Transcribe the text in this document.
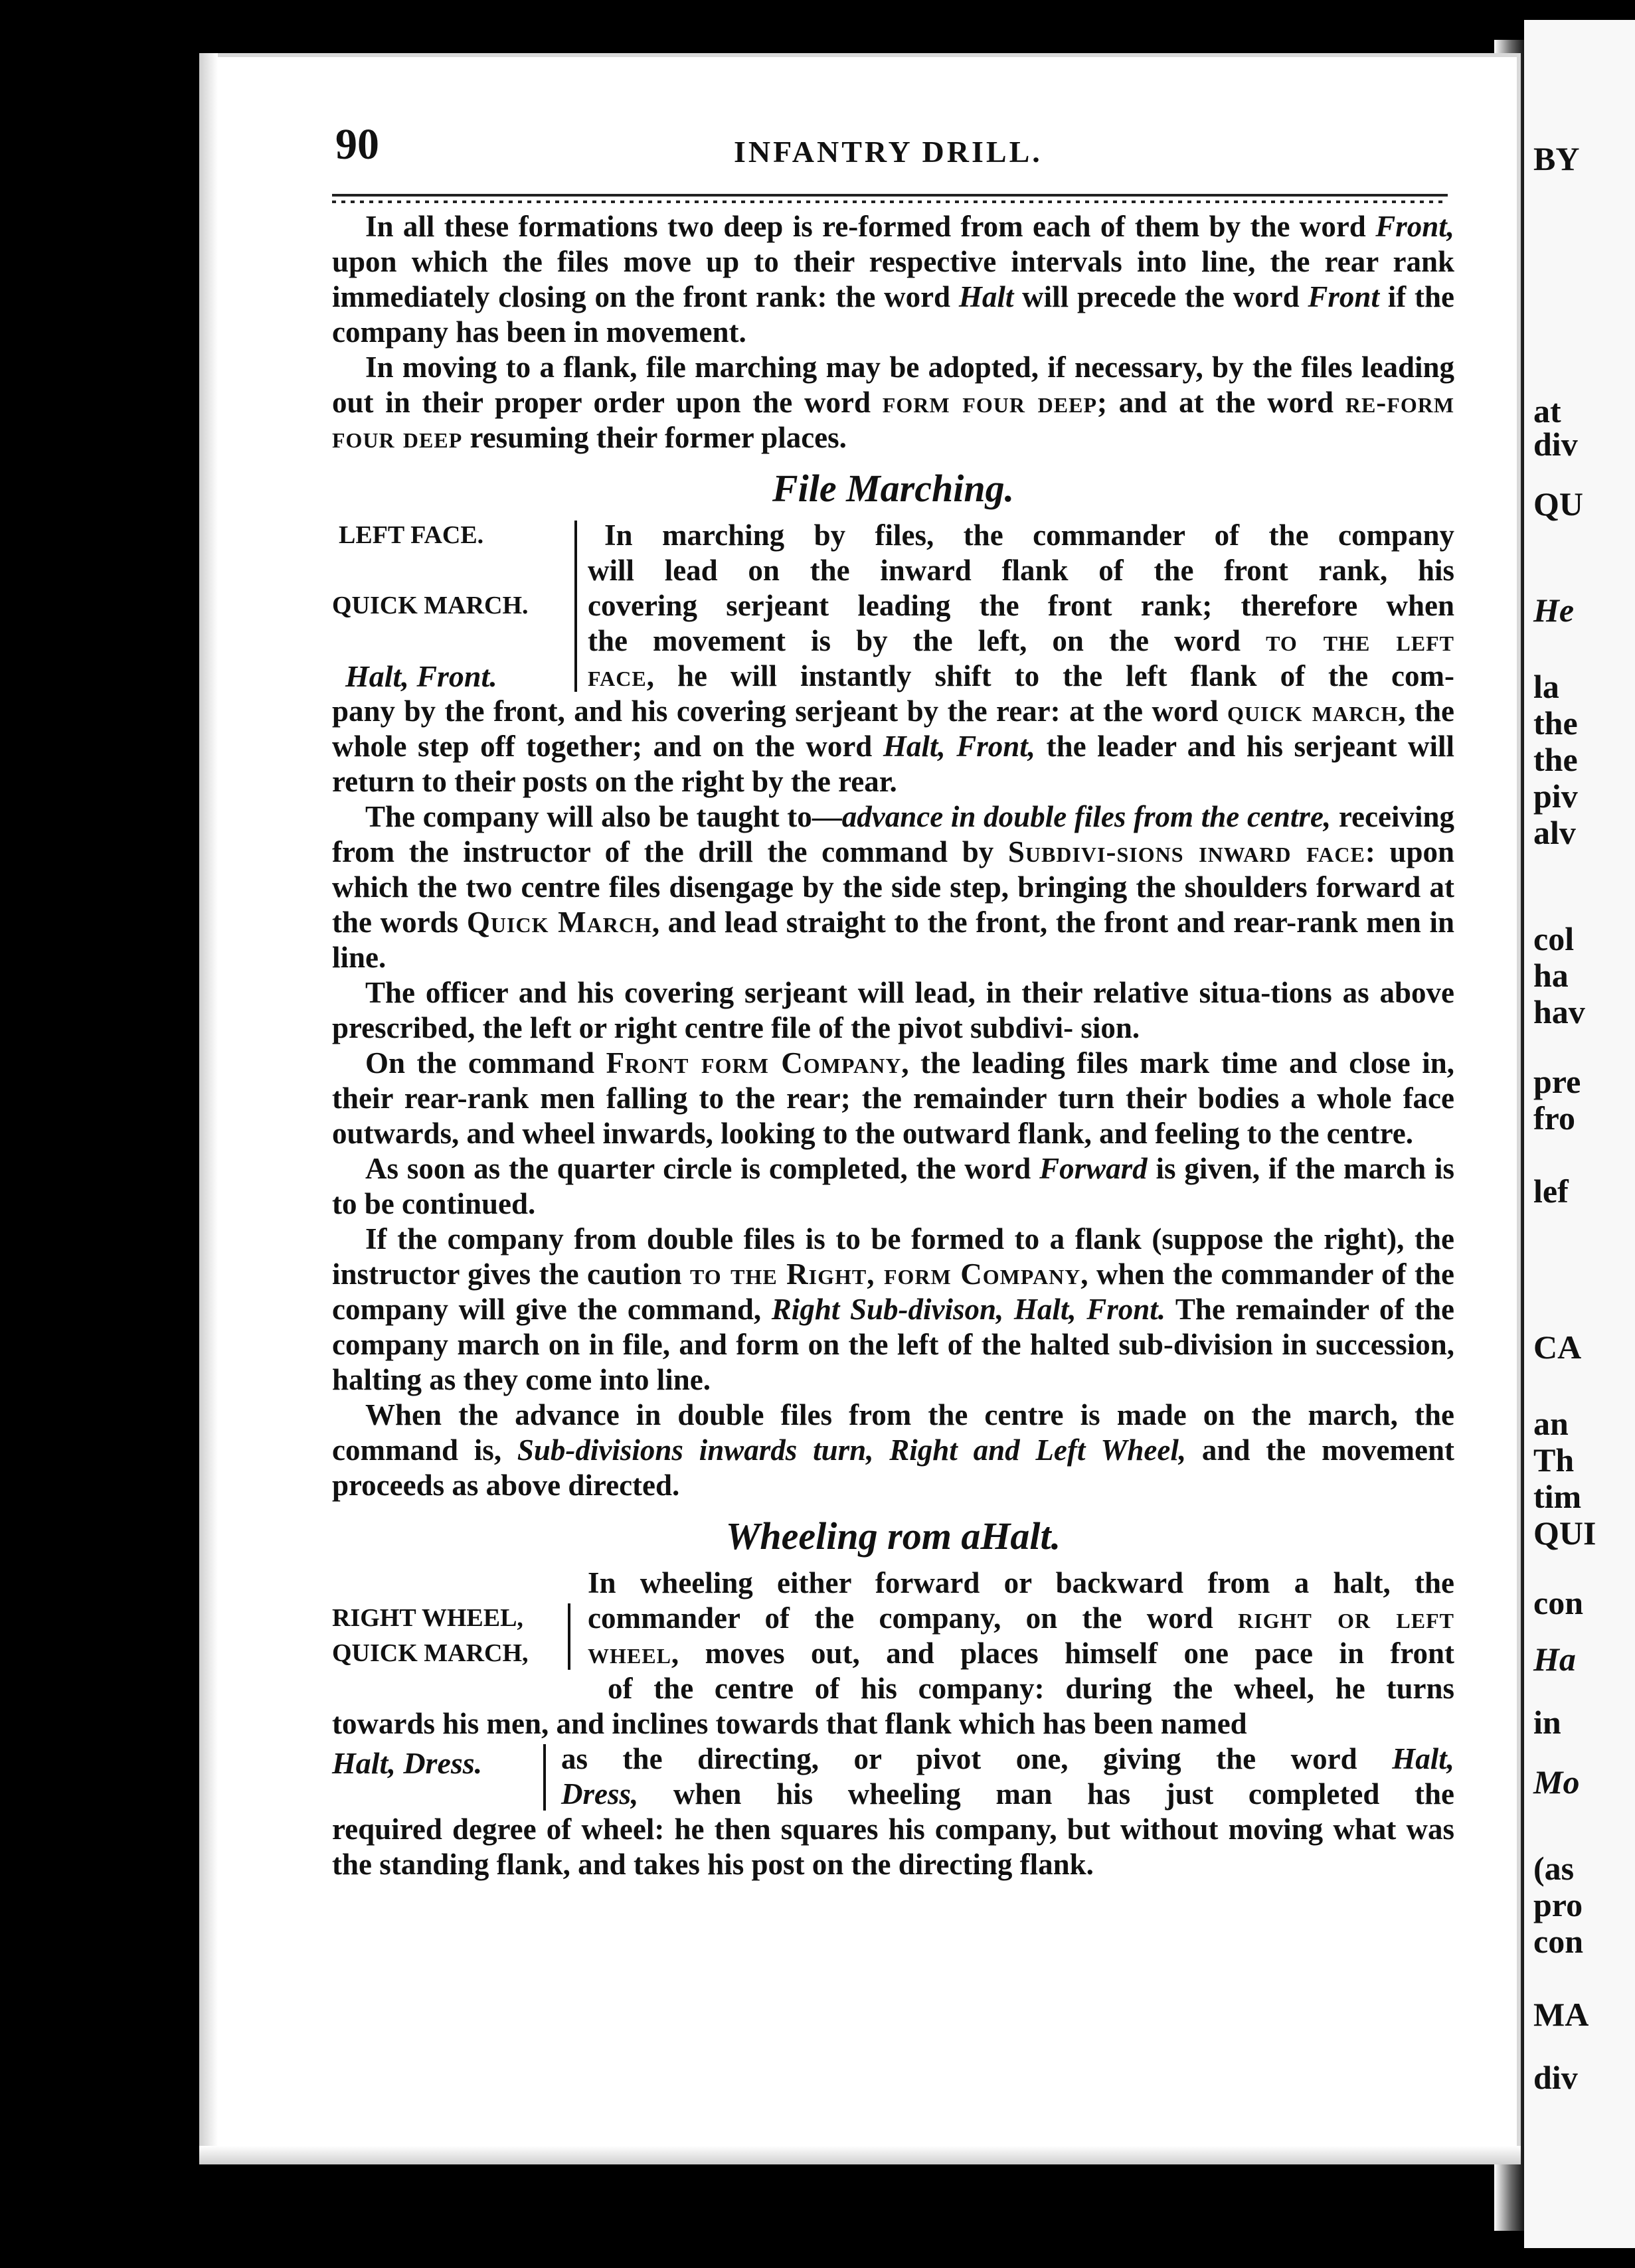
BY
at
div
QU
He
la
the
the
piv
alv
col
ha
hav
pre
fro
lef
CA
an
Th
tim
QUI
con
Ha
in
Mo
(as
pro
con
MA
div
90	INFANTRY DRILL.

In all these formations two deep is re-formed from each of them by the word Front, upon which the files move up to their respective intervals into line, the rear rank immediately closing on the front rank: the word Halt will precede the word Front if the company has been in movement.

In moving to a flank, file marching may be adopted, if necessary, by the files leading out in their proper order upon the word form four deep; and at the word re-form four deep resuming their former places.

File Marching.
LEFT FACE.
QUICK MARCH.
Halt, Front.
In marching by files, the commander of the company
will lead on the inward flank of the front rank, his
covering serjeant leading the front rank; therefore when
the movement is by the left, on the word to the left
face, he will instantly shift to the left flank of the com-

pany by the front, and his covering serjeant by the rear: at the word quick march, the whole step off together; and on the word Halt, Front, the leader and his serjeant will return to their posts on the right by the rear.

The company will also be taught to—advance in double files from the centre, receiving from the instructor of the drill the command by Subdivi-sions inward face: upon which the two centre files disengage by the side step, bringing the shoulders forward at the words Quick March, and lead straight to the front, the front and rear-rank men in line.

The officer and his covering serjeant will lead, in their relative situa-tions as above prescribed, the left or right centre file of the pivot subdivi- sion.

On the command Front form Company, the leading files mark time and close in, their rear-rank men falling to the rear; the remainder turn their bodies a whole face outwards, and wheel inwards, looking to the outward flank, and feeling to the centre.

As soon as the quarter circle is completed, the word Forward is given, if the march is to be continued.

If the company from double files is to be formed to a flank (suppose the right), the instructor gives the caution to the Right, form Company, when the commander of the company will give the command, Right Sub-divison, Halt, Front. The remainder of the company march on in file, and form on the left of the halted sub-division in succession, halting as they come into line.

When the advance in double files from the centre is made on the march, the command is, Sub-divisions inwards turn, Right and Left Wheel, and the movement proceeds as above directed.

Wheeling rom aHalt.
RIGHT WHEEL,
QUICK MARCH,
In wheeling either forward or backward from a halt, the
commander of the company, on the word right or left
wheel, moves out, and places himself one pace in front
of the centre of his company: during the wheel, he turns

towards his men, and inclines towards that flank which has been named

Halt, Dress.	as the directing, or pivot one, giving the word Halt,
Dress, when his wheeling man has just completed the

required degree of wheel: he then squares his company, but without moving what was the standing flank, and takes his post on the directing flank.
